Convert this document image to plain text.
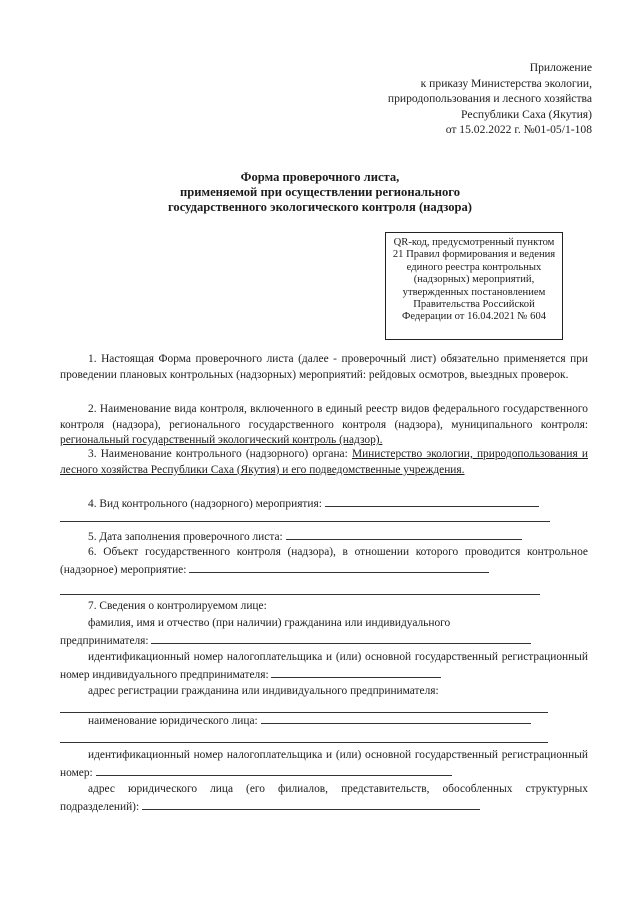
Приложение
к приказу Министерства экологии,
природопользования и лесного хозяйства
Республики Саха (Якутия)
от 15.02.2022 г. №01-05/1-108
Форма проверочного листа,
применяемой при осуществлении регионального
государственного экологического контроля (надзора)
QR-код, предусмотренный пунктом 21 Правил формирования и ведения единого реестра контрольных (надзорных) мероприятий, утвержденных постановлением Правительства Российской Федерации от 16.04.2021 № 604
1. Настоящая Форма проверочного листа (далее - проверочный лист) обязательно применяется при проведении плановых контрольных (надзорных) мероприятий: рейдовых осмотров, выездных проверок.
2. Наименование вида контроля, включенного в единый реестр видов федерального государственного контроля (надзора), регионального государственного контроля (надзора), муниципального контроля: региональный государственный экологический контроль (надзор).
3. Наименование контрольного (надзорного) органа: Министерство экологии, природопользования и лесного хозяйства Республики Саха (Якутия) и его подведомственные учреждения.
4. Вид контрольного (надзорного) мероприятия:
5. Дата заполнения проверочного листа:
6. Объект государственного контроля (надзора), в отношении которого проводится контрольное (надзорное) мероприятие:
7. Сведения о контролируемом лице:
фамилия, имя и отчество (при наличии) гражданина или индивидуального
предпринимателя:
идентификационный номер налогоплательщика и (или) основной государственный регистрационный номер индивидуального предпринимателя:
адрес регистрации гражданина или индивидуального предпринимателя:
наименование юридического лица:
идентификационный номер налогоплательщика и (или) основной государственный регистрационный номер:
адрес юридического лица (его филиалов, представительств, обособленных структурных подразделений):
